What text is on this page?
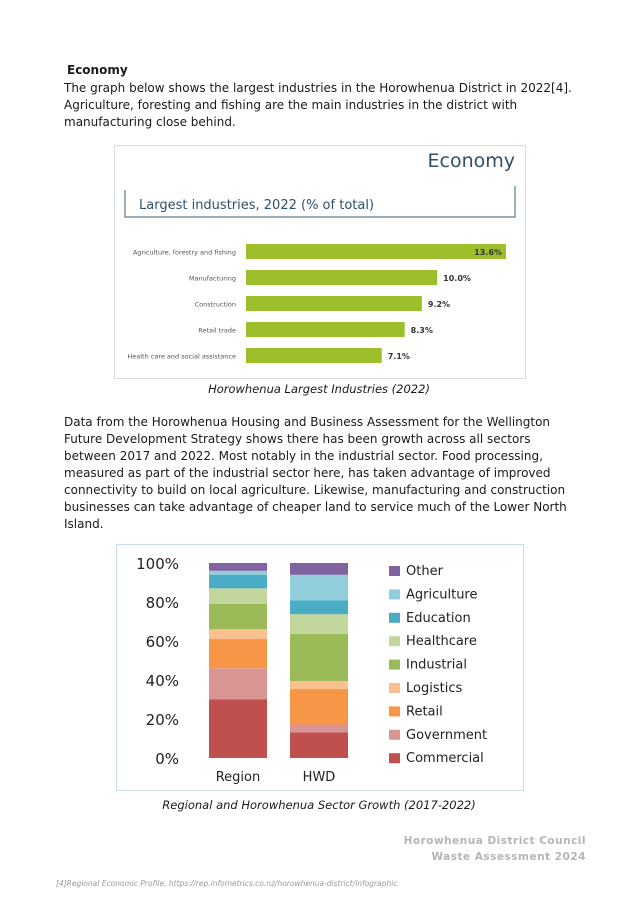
Economy

The graph below shows the largest industries in the Horowhenua District in 2022[4]. Agriculture, foresting and fishing are the main industries in the district with manufacturing close behind.

Economy
Largest industries, 2022 (% of total)
Agriculture, forestry and fishing	13.6%
Manufacturing	10.0%
Construction	9.2%
Retail trade	8.3%
Health care and social assistance	7.1%
Horowhenua Largest Industries (2022)

Data from the Horowhenua Housing and Business Assessment for the Wellington Future Development Strategy shows there has been growth across all sectors between 2017 and 2022. Most notably in the industrial sector. Food processing, measured as part of the industrial sector here, has taken advantage of improved connectivity to build on local agriculture. Likewise, manufacturing and construction businesses can take advantage of cheaper land to service much of the Lower North Island.

100%
80%
60%
40%
20%
0%
Region	HWD
Other
Agriculture
Education
Healthcare
Industrial
Logistics
Retail
Government
Commercial
Regional and Horowhenua Sector Growth (2017-2022)
Horowhenua District Council
Waste Assessment 2024
[4]Regional Economic Profile, https://rep.infometrics.co.nz/horowhenua-district/infographic
